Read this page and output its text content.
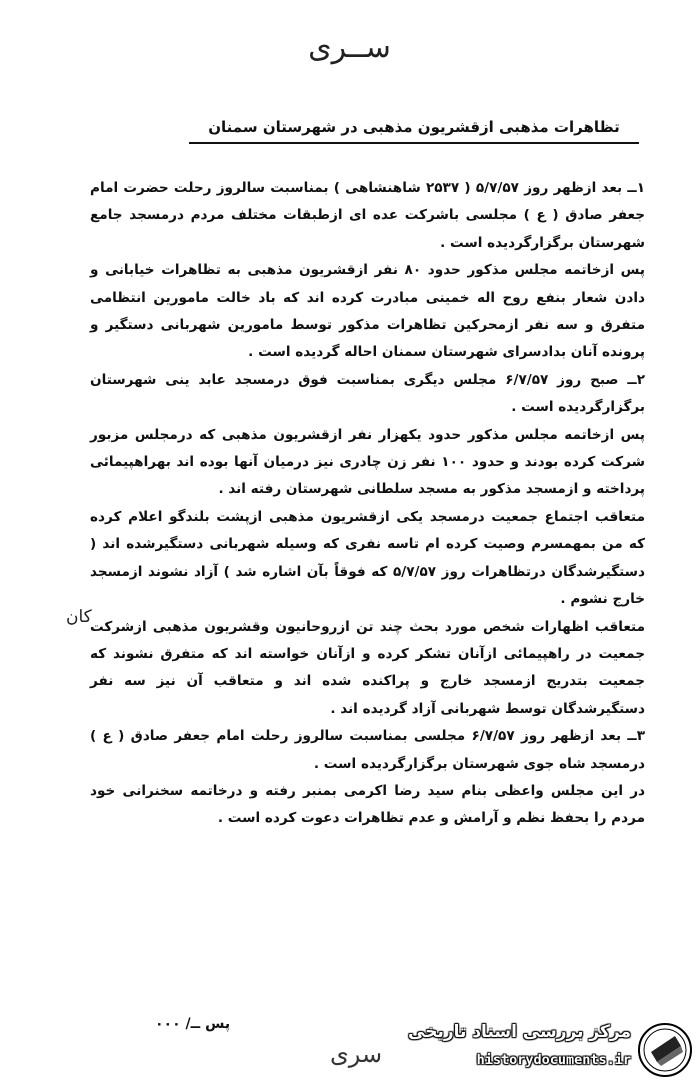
ســری
تظاهرات مذهبی ازقشریون مذهبی در شهرستان سمنان

۱ــ بعد ازظهر روز ۵/۷/۵۷ ( ۲۵۳۷ شاهنشاهی ) بمناسبت سالروز رحلت حضرت امام جعفر صادق ( ع ) مجلسی باشرکت عده ای ازطبقات مختلف مردم درمسجد جامع شهرستان برگزارگردیده است .

پس ازخاتمه مجلس مذکور حدود ۸۰ نفر ازقشریون مذهبی به تظاهرات خیابانی و دادن شعار بنفع روح اله خمینی مبادرت کرده اند که باد خالت مامورین انتظامی متفرق و سه نفر ازمحرکین تظاهرات مذکور توسط مامورین شهربانی دستگیر و پرونده آنان بدادسرای شهرستان سمنان احاله گردیده است .

۲ــ صبح روز ۶/۷/۵۷ مجلس دیگری بمناسبت فوق درمسجد عابد ینی شهرستان برگزارگردیده است .

پس ازخاتمه مجلس مذکور حدود یکهزار نفر ازقشریون مذهبی که درمجلس مزبور شرکت کرده بودند و حدود ۱۰۰ نفر زن چادری نیز درمیان آنها بوده اند بهراهپیمائی پرداخته و ازمسجد مذکور به مسجد سلطانی شهرستان رفته اند .

متعاقب اجتماع جمعیت درمسجد یکی ازقشریون مذهبی ازپشت بلندگو اعلام کرده که من بمهمسرم وصیت کرده ام تاسه نفری که وسیله شهربانی دستگیرشده اند ( دستگیرشدگان درتظاهرات روز ۵/۷/۵۷ که فوقاً بآن اشاره شد ) آزاد نشوند ازمسجد خارج نشوم .

متعاقب اظهارات شخص مورد بحث چند تن ازروحانیون وقشریون مذهبی ازشرکت جمعیت در راهپیمائی ازآنان تشکر کرده و ازآنان خواسته اند که متفرق نشوند که جمعیت بتدریج ازمسجد خارج و پراکنده شده اند و متعاقب آن نیز سه نفر دستگیرشدگان توسط شهربانی آزاد گردیده اند .

۳ــ بعد ازظهر روز ۶/۷/۵۷ مجلسی بمناسبت سالروز رحلت امام جعفر صادق ( ع ) درمسجد شاه جوی شهرستان برگزارگردیده است .

در این مجلس واعظی بنام سید رضا اکرمی بمنبر رفته و درخاتمه سخنرانی خود مردم را بحفظ نظم و آرامش و عدم تظاهرات دعوت کرده است .

کان
پس ــ/ ۰۰۰
سری
مرکز بررسی اسناد تاریخی
historydocuments.ir
